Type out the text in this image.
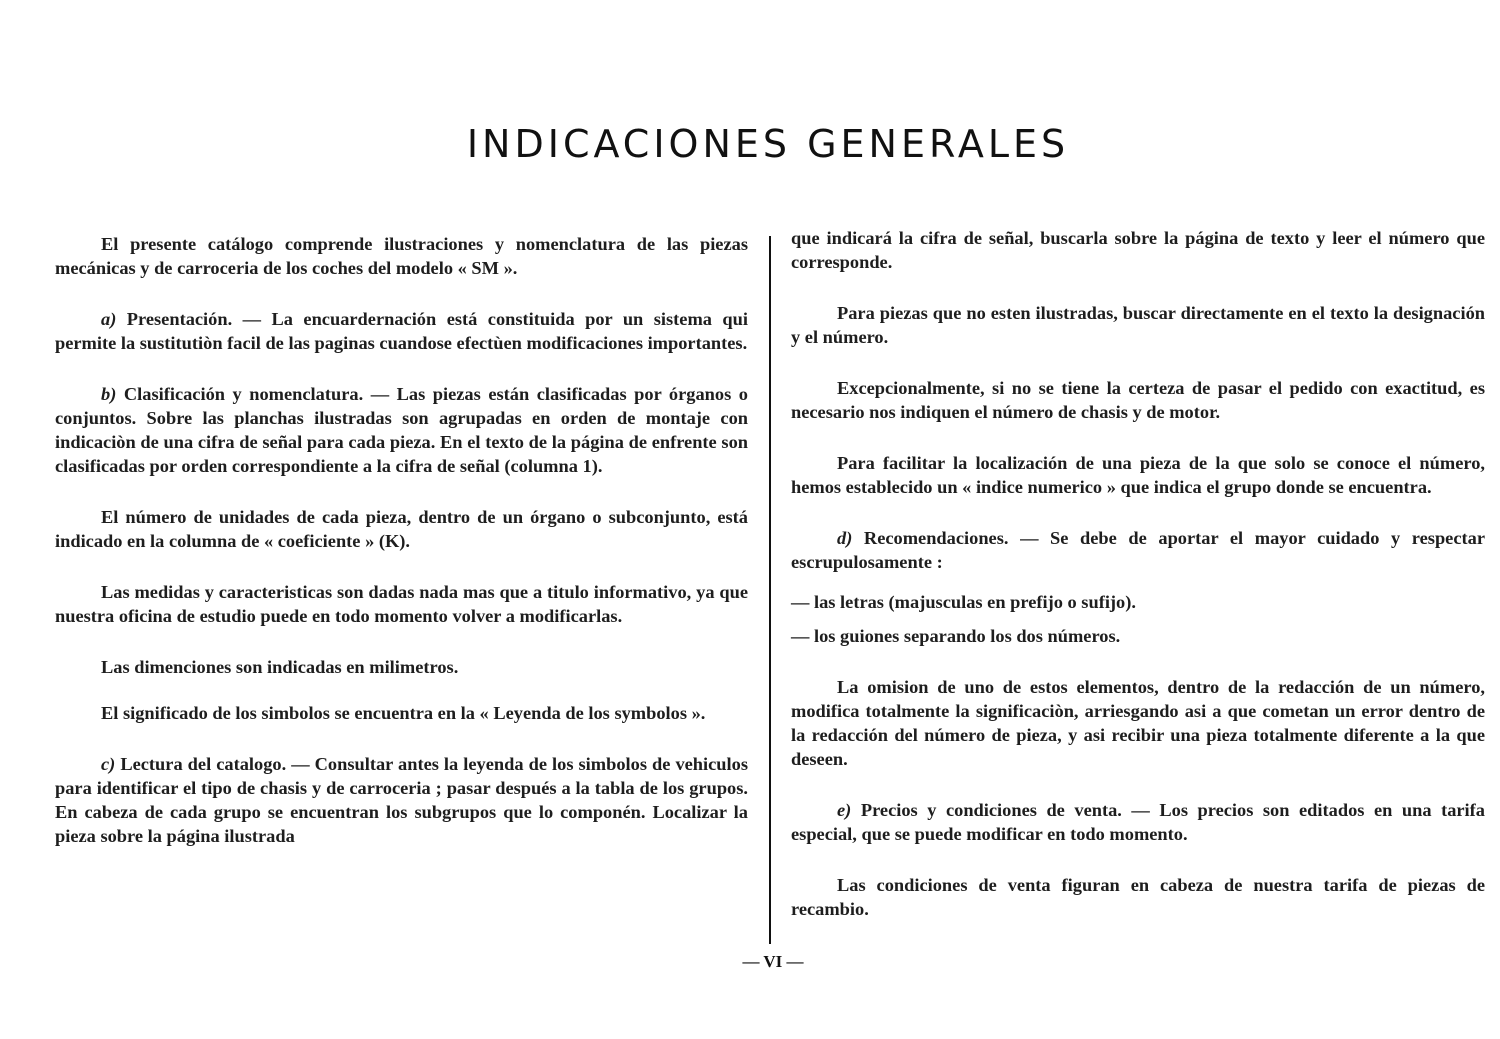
INDICACIONES GENERALES

El presente catálogo comprende ilustraciones y nomenclatura de las piezas mecánicas y de carroceria de los coches del modelo « SM ».

a) Presentación. — La encuardernación está constituida por un sistema qui permite la sustitutiòn facil de las paginas cuandose efectùen modificaciones importantes.

b) Clasificación y nomenclatura. — Las piezas están clasificadas por órganos o conjuntos. Sobre las planchas ilustradas son agrupadas en orden de montaje con indicaciòn de una cifra de señal para cada pieza. En el texto de la página de enfrente son clasificadas por orden correspondiente a la cifra de señal (columna 1).

El número de unidades de cada pieza, dentro de un órgano o subconjunto, está indicado en la columna de « coeficiente » (K).

Las medidas y caracteristicas son dadas nada mas que a titulo informativo, ya que nuestra oficina de estudio puede en todo momento volver a modificarlas.

Las dimenciones son indicadas en milimetros.

El significado de los simbolos se encuentra en la « Leyenda de los symbolos ».

c) Lectura del catalogo. — Consultar antes la leyenda de los simbolos de vehiculos para identificar el tipo de chasis y de carroceria ; pasar después a la tabla de los grupos. En cabeza de cada grupo se encuentran los subgrupos que lo componén. Localizar la pieza sobre la página ilustrada

que indicará la cifra de señal, buscarla sobre la página de texto y leer el número que corresponde.

Para piezas que no esten ilustradas, buscar directamente en el texto la designación y el número.

Excepcionalmente, si no se tiene la certeza de pasar el pedido con exactitud, es necesario nos indiquen el número de chasis y de motor.

Para facilitar la localización de una pieza de la que solo se conoce el número, hemos establecido un « indice numerico » que indica el grupo donde se encuentra.

d) Recomendaciones. — Se debe de aportar el mayor cuidado y respectar escrupulosamente :

— las letras (majusculas en prefijo o sufijo).

— los guiones separando los dos números.

La omision de uno de estos elementos, dentro de la redacción de un número, modifica totalmente la significaciòn, arriesgando asi a que cometan un error dentro de la redacción del número de pieza, y asi recibir una pieza totalmente diferente a la que deseen.

e) Precios y condiciones de venta. — Los precios son editados en una tarifa especial, que se puede modificar en todo momento.

Las condiciones de venta figuran en cabeza de nuestra tarifa de piezas de recambio.

— VI —
